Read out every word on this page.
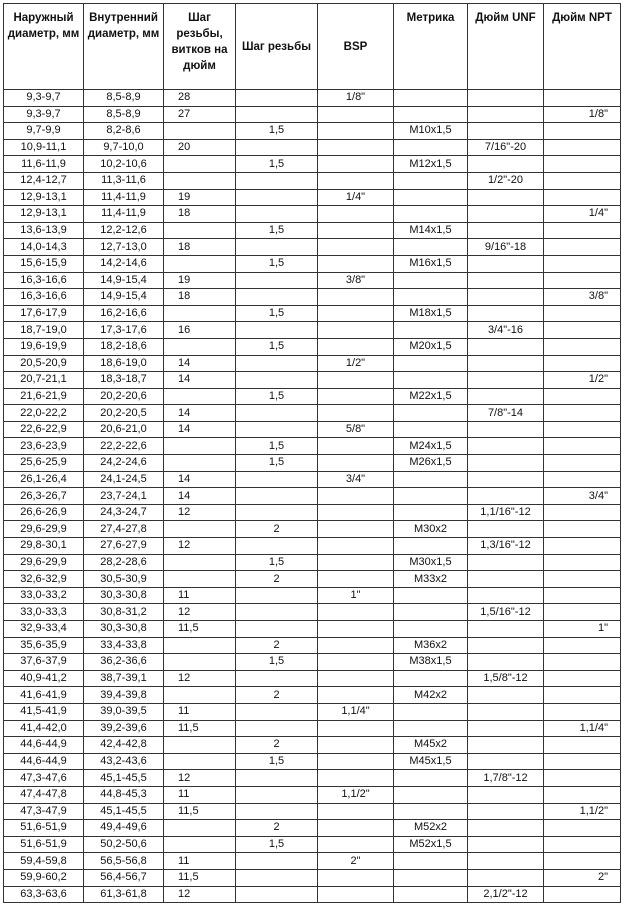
Наружный диаметр, мм	Внутренний диаметр, мм	Шаг резьбы, витков на дюйм	Шаг резьбы	BSP	Метрика	Дюйм UNF	Дюйм NPT
9,3-9,7	8,5-8,9	28		1/8"			
9,3-9,7	8,5-8,9	27					1/8"
9,7-9,9	8,2-8,6		1,5		M10x1,5		
10,9-11,1	9,7-10,0	20				7/16"-20	
11,6-11,9	10,2-10,6		1,5		M12x1,5		
12,4-12,7	11,3-11,6					1/2"-20	
12,9-13,1	11,4-11,9	19		1/4"			
12,9-13,1	11,4-11,9	18					1/4"
13,6-13,9	12,2-12,6		1,5		M14x1,5		
14,0-14,3	12,7-13,0	18				9/16"-18	
15,6-15,9	14,2-14,6		1,5		M16x1,5		
16,3-16,6	14,9-15,4	19		3/8"			
16,3-16,6	14,9-15,4	18					3/8"
17,6-17,9	16,2-16,6		1,5		M18x1,5		
18,7-19,0	17,3-17,6	16				3/4"-16	
19,6-19,9	18,2-18,6		1,5		M20x1,5		
20,5-20,9	18,6-19,0	14		1/2"			
20,7-21,1	18,3-18,7	14					1/2"
21,6-21,9	20,2-20,6		1,5		M22x1,5		
22,0-22,2	20,2-20,5	14				7/8"-14	
22,6-22,9	20,6-21,0	14		5/8"			
23,6-23,9	22,2-22,6		1,5		M24x1,5		
25,6-25,9	24,2-24,6		1,5		M26x1,5		
26,1-26,4	24,1-24,5	14		3/4"			
26,3-26,7	23,7-24,1	14					3/4"
26,6-26,9	24,3-24,7	12				1,1/16"-12	
29,6-29,9	27,4-27,8		2		M30x2		
29,8-30,1	27,6-27,9	12				1,3/16"-12	
29,6-29,9	28,2-28,6		1,5		M30x1,5		
32,6-32,9	30,5-30,9		2		M33x2		
33,0-33,2	30,3-30,8	11		1"			
33,0-33,3	30,8-31,2	12				1,5/16"-12	
32,9-33,4	30,3-30,8	11,5					1"
35,6-35,9	33,4-33,8		2		M36x2		
37,6-37,9	36,2-36,6		1,5		M38x1,5		
40,9-41,2	38,7-39,1	12				1,5/8"-12	
41,6-41,9	39,4-39,8		2		M42x2		
41,5-41,9	39,0-39,5	11		1,1/4"			
41,4-42,0	39,2-39,6	11,5					1,1/4"
44,6-44,9	42,4-42,8		2		M45x2		
44,6-44,9	43,2-43,6		1,5		M45x1,5		
47,3-47,6	45,1-45,5	12				1,7/8"-12	
47,4-47,8	44,8-45,3	11		1,1/2"			
47,3-47,9	45,1-45,5	11,5					1,1/2"
51,6-51,9	49,4-49,6		2		M52x2		
51,6-51,9	50,2-50,6		1,5		M52x1,5		
59,4-59,8	56,5-56,8	11		2"			
59,9-60,2	56,4-56,7	11,5					2"
63,3-63,6	61,3-61,8	12				2,1/2"-12	
